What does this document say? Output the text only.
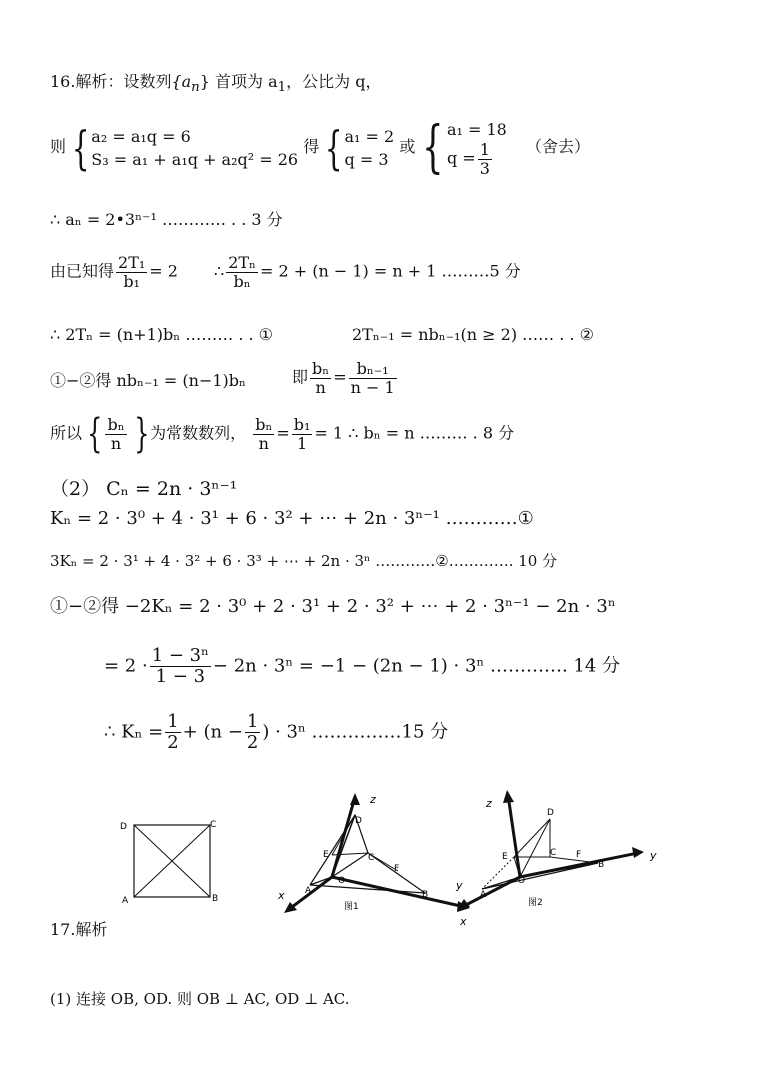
16.解析：设数列$\{a_n\}$ 首项为 $a_1$，公比为 q，
则 { a₂ = a₁q = 6
S₃ = a₁ + a₁q + a₂q² = 26
得 { a₁ = 2
q = 3
或 { a₁ = 18
$q = \frac{1}{3}$ （舍去）
∴ aₙ = 2•3ⁿ⁻¹ ………… . . 3 分
由已知得 $\frac{\text{2T₁}}{\text{b₁}} = 2$ ∴ $\frac{\text{2Tₙ}}{\text{bₙ}} = 2 + (n - 1) = n + 1$ ………5 分
∴ 2Tₙ = (n+1)bₙ ……… . . ①	2Tₙ₋₁ = nbₙ₋₁(n ≥ 2) …… . . ②
①−②得 nbₙ₋₁ = (n−1)bₙ	即 $\frac{\text{bₙ}}{n} = \frac{\text{bₙ₋₁}}{n - 1}$
所以 { $\frac{\text{bₙ}}{n}$ }为常数数列， $\frac{\text{bₙ}}{n} = \frac{\text{b₁}}{1} = 1$ ∴ bₙ = n ……… . 8 分
（2） Cₙ = 2n · 3ⁿ⁻¹
Kₙ = 2 · 3⁰ + 4 · 3¹ + 6 · 3² + ⋯ + 2n · 3ⁿ⁻¹ …………①
3Kₙ = 2 · 3¹ + 4 · 3² + 6 · 3³ + ⋯ + 2n · 3ⁿ …………②…………. 10 分
①−②得 −2Kₙ = 2 · 3⁰ + 2 · 3¹ + 2 · 3² + ⋯ + 2 · 3ⁿ⁻¹ − 2n · 3ⁿ
= $2 \cdot \frac{\text{1 − 3ⁿ}}{1 - 3} - 2n \cdot 3^n = -1 - (2n - 1) \cdot 3^n$ …………. 14 分
∴ $K_n = \frac{1}{2} + (n - \frac{1}{2}$ ) · 3ⁿ ……………15 分
D	C
A	B
z
D
E	C
F
O
A	B
x
y
图1
z
D
E	C F
O
A
B
x
y
图2
17.解析
(1) 连接 OB, OD. 则 OB ⊥ AC, OD ⊥ AC.
